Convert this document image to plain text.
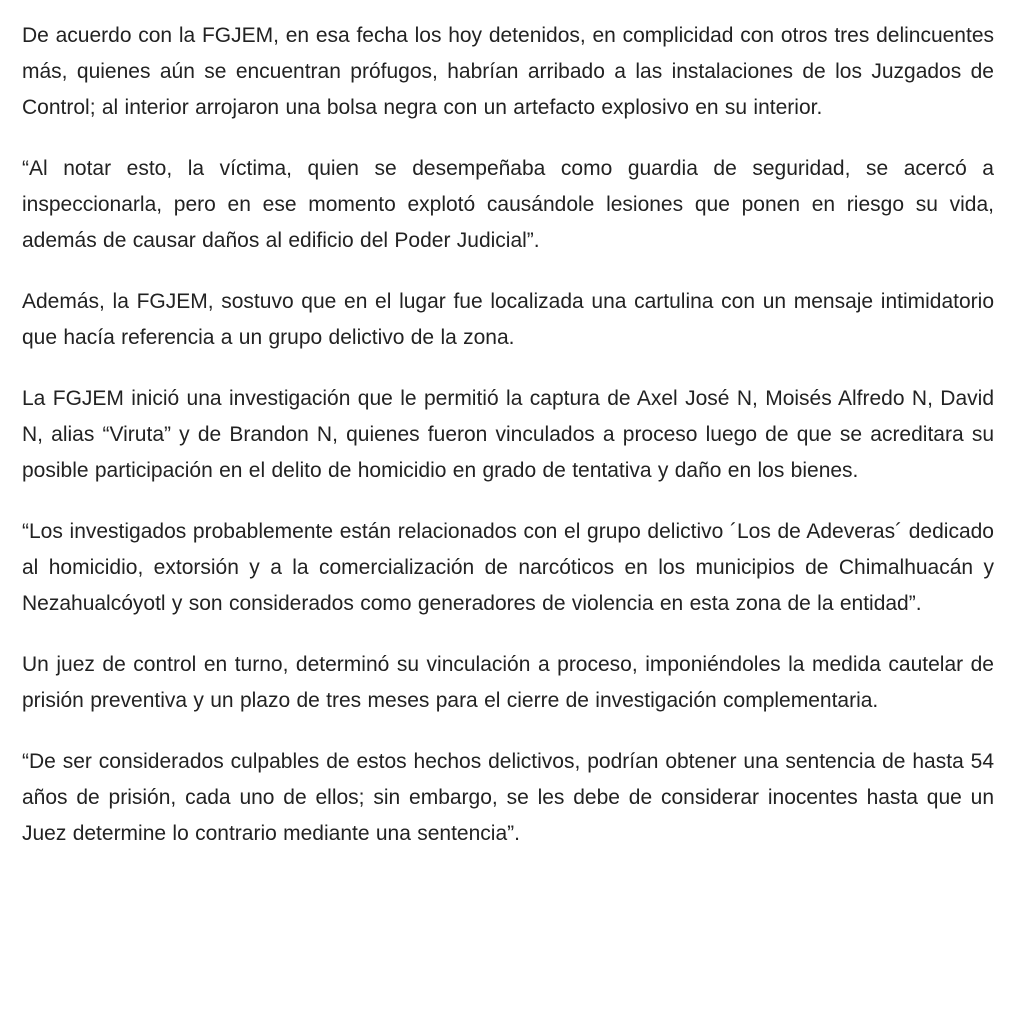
De acuerdo con la FGJEM, en esa fecha los hoy detenidos, en complicidad con otros tres delincuentes más, quienes aún se encuentran prófugos, habrían arribado a las instalaciones de los Juzgados de Control; al interior arrojaron una bolsa negra con un artefacto explosivo en su interior.

“Al notar esto, la víctima, quien se desempeñaba como guardia de seguridad, se acercó a inspeccionarla, pero en ese momento explotó causándole lesiones que ponen en riesgo su vida, además de causar daños al edificio del Poder Judicial”.

Además, la FGJEM, sostuvo que en el lugar fue localizada una cartulina con un mensaje intimidatorio que hacía referencia a un grupo delictivo de la zona.

La FGJEM inició una investigación que le permitió la captura de Axel José N, Moisés Alfredo N, David N, alias “Viruta” y de Brandon N, quienes fueron vinculados a proceso luego de que se acreditara su posible participación en el delito de homicidio en grado de tentativa y daño en los bienes.

“Los investigados probablemente están relacionados con el grupo delictivo ´Los de Adeveras´ dedicado al homicidio, extorsión y a la comercialización de narcóticos en los municipios de Chimalhuacán y Nezahualcóyotl y son considerados como generadores de violencia en esta zona de la entidad”.

Un juez de control en turno, determinó su vinculación a proceso, imponiéndoles la medida cautelar de prisión preventiva y un plazo de tres meses para el cierre de investigación complementaria.

“De ser considerados culpables de estos hechos delictivos, podrían obtener una sentencia de hasta 54 años de prisión, cada uno de ellos; sin embargo, se les debe de considerar inocentes hasta que un Juez determine lo contrario mediante una sentencia”.
